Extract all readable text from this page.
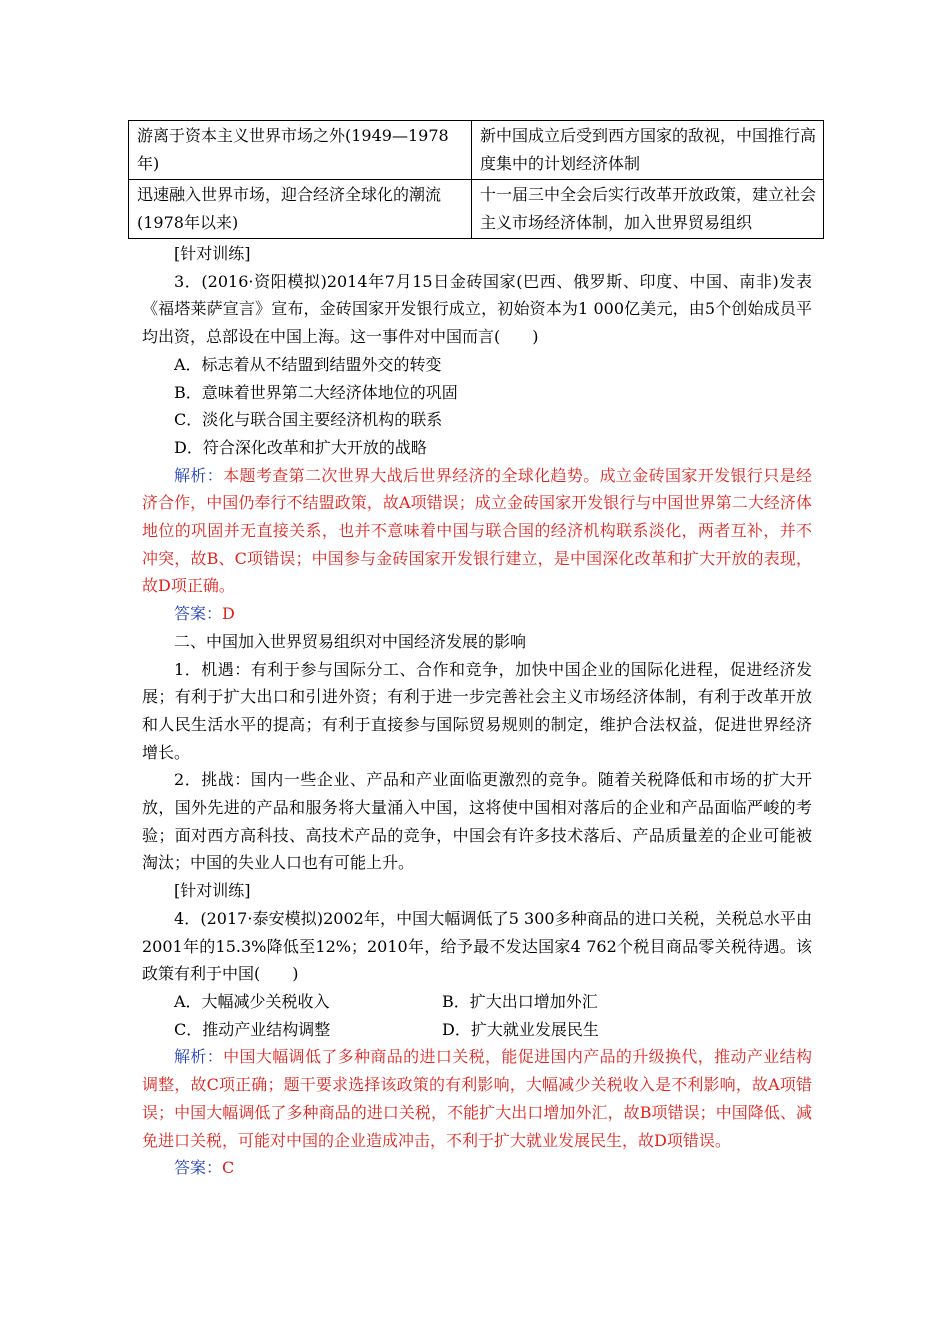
游离于资本主义世界市场之外(1949—1978年)	新中国成立后受到西方国家的敌视，中国推行高度集中的计划经济体制
迅速融入世界市场，迎合经济全球化的潮流(1978年以来)	十一届三中全会后实行改革开放政策，建立社会主义市场经济体制，加入世界贸易组织

[针对训练]

3．(2016·资阳模拟)2014年7月15日金砖国家(巴西、俄罗斯、印度、中国、南非)发表《福塔莱萨宣言》宣布，金砖国家开发银行成立，初始资本为1 000亿美元，由5个创始成员平均出资，总部设在中国上海。这一事件对中国而言(　　)

A．标志着从不结盟到结盟外交的转变

B．意味着世界第二大经济体地位的巩固

C．淡化与联合国主要经济机构的联系

D．符合深化改革和扩大开放的战略

解析：本题考查第二次世界大战后世界经济的全球化趋势。成立金砖国家开发银行只是经济合作，中国仍奉行不结盟政策，故A项错误；成立金砖国家开发银行与中国世界第二大经济体地位的巩固并无直接关系，也并不意味着中国与联合国的经济机构联系淡化，两者互补，并不冲突，故B、C项错误；中国参与金砖国家开发银行建立，是中国深化改革和扩大开放的表现，故D项正确。

答案：D

二、中国加入世界贸易组织对中国经济发展的影响

1．机遇：有利于参与国际分工、合作和竞争，加快中国企业的国际化进程，促进经济发展；有利于扩大出口和引进外资；有利于进一步完善社会主义市场经济体制，有利于改革开放和人民生活水平的提高；有利于直接参与国际贸易规则的制定，维护合法权益，促进世界经济增长。

2．挑战：国内一些企业、产品和产业面临更激烈的竞争。随着关税降低和市场的扩大开放，国外先进的产品和服务将大量涌入中国，这将使中国相对落后的企业和产品面临严峻的考验；面对西方高科技、高技术产品的竞争，中国会有许多技术落后、产品质量差的企业可能被淘汰；中国的失业人口也有可能上升。

[针对训练]

4．(2017·泰安模拟)2002年，中国大幅调低了5 300多种商品的进口关税，关税总水平由2001年的15.3%降低至12%；2010年，给予最不发达国家4 762个税目商品零关税待遇。该政策有利于中国(　　)

A．大幅减少关税收入	B．扩大出口增加外汇

C．推动产业结构调整	D．扩大就业发展民生

解析：中国大幅调低了多种商品的进口关税，能促进国内产品的升级换代，推动产业结构调整，故C项正确；题干要求选择该政策的有利影响，大幅减少关税收入是不利影响，故A项错误；中国大幅调低了多种商品的进口关税，不能扩大出口增加外汇，故B项错误；中国降低、减免进口关税，可能对中国的企业造成冲击，不利于扩大就业发展民生，故D项错误。

答案：C
